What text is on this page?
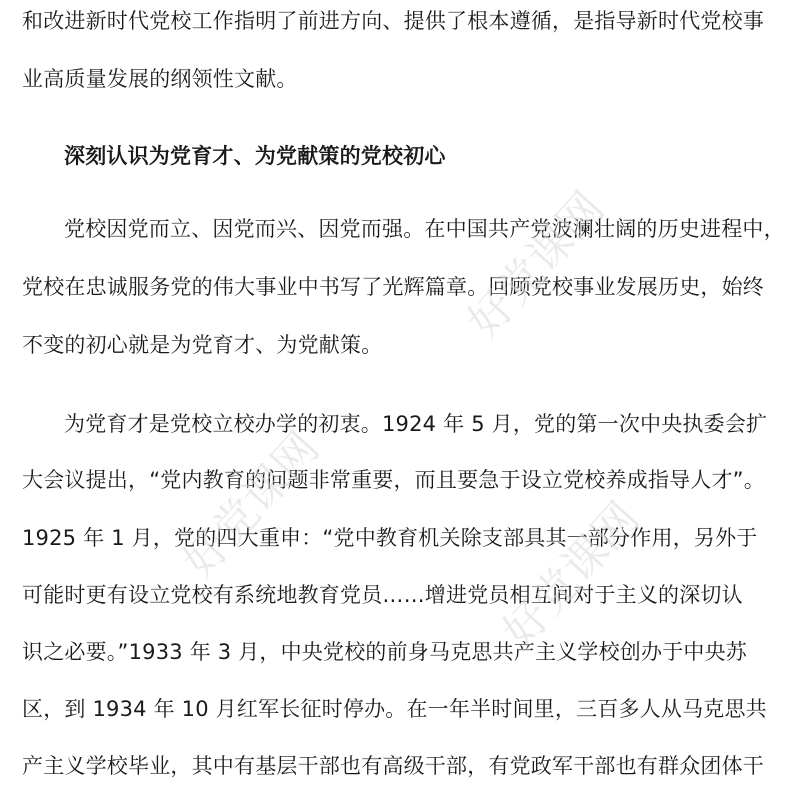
和改进新时代党校工作指明了前进方向、提供了根本遵循，是指导新时代党校事
业高质量发展的纲领性文献。
深刻认识为党育才、为党献策的党校初心
党校因党而立、因党而兴、因党而强。在中国共产党波澜壮阔的历史进程中，
党校在忠诚服务党的伟大事业中书写了光辉篇章。回顾党校事业发展历史，始终
不变的初心就是为党育才、为党献策。
为党育才是党校立校办学的初衷。1924 年 5 月，党的第一次中央执委会扩
大会议提出，“党内教育的问题非常重要，而且要急于设立党校养成指导人才”。
1925 年 1 月，党的四大重申：“党中教育机关除支部具其一部分作用，另外于
可能时更有设立党校有系统地教育党员……增进党员相互间对于主义的深切认
识之必要。”1933 年 3 月，中央党校的前身马克思共产主义学校创办于中央苏
区，到 1934 年 10 月红军长征时停办。在一年半时间里，三百多人从马克思共
产主义学校毕业，其中有基层干部也有高级干部，有党政军干部也有群众团体干
好党课网
好党课网	好党课网
